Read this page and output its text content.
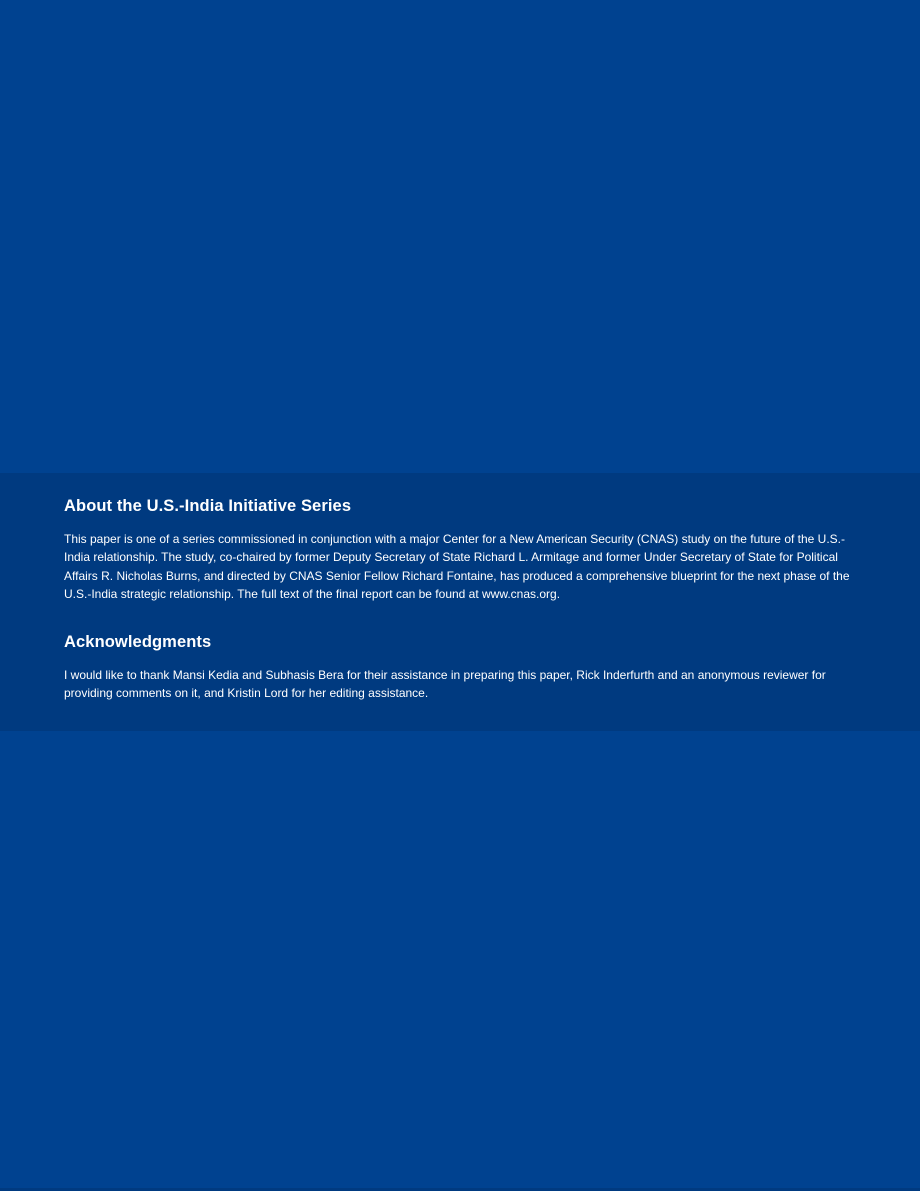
About the U.S.-India Initiative Series

This paper is one of a series commissioned in conjunction with a major Center for a New American Security (CNAS) study on the future of the U.S.-India relationship. The study, co-chaired by former Deputy Secretary of State Richard L. Armitage and former Under Secretary of State for Political Affairs R. Nicholas Burns, and directed by CNAS Senior Fellow Richard Fontaine, has produced a comprehensive blueprint for the next phase of the U.S.-India strategic relationship. The full text of the final report can be found at www.cnas.org.

Acknowledgments

I would like to thank Mansi Kedia and Subhasis Bera for their assistance in preparing this paper, Rick Inderfurth and an anonymous reviewer for providing comments on it, and Kristin Lord for her editing assistance.
